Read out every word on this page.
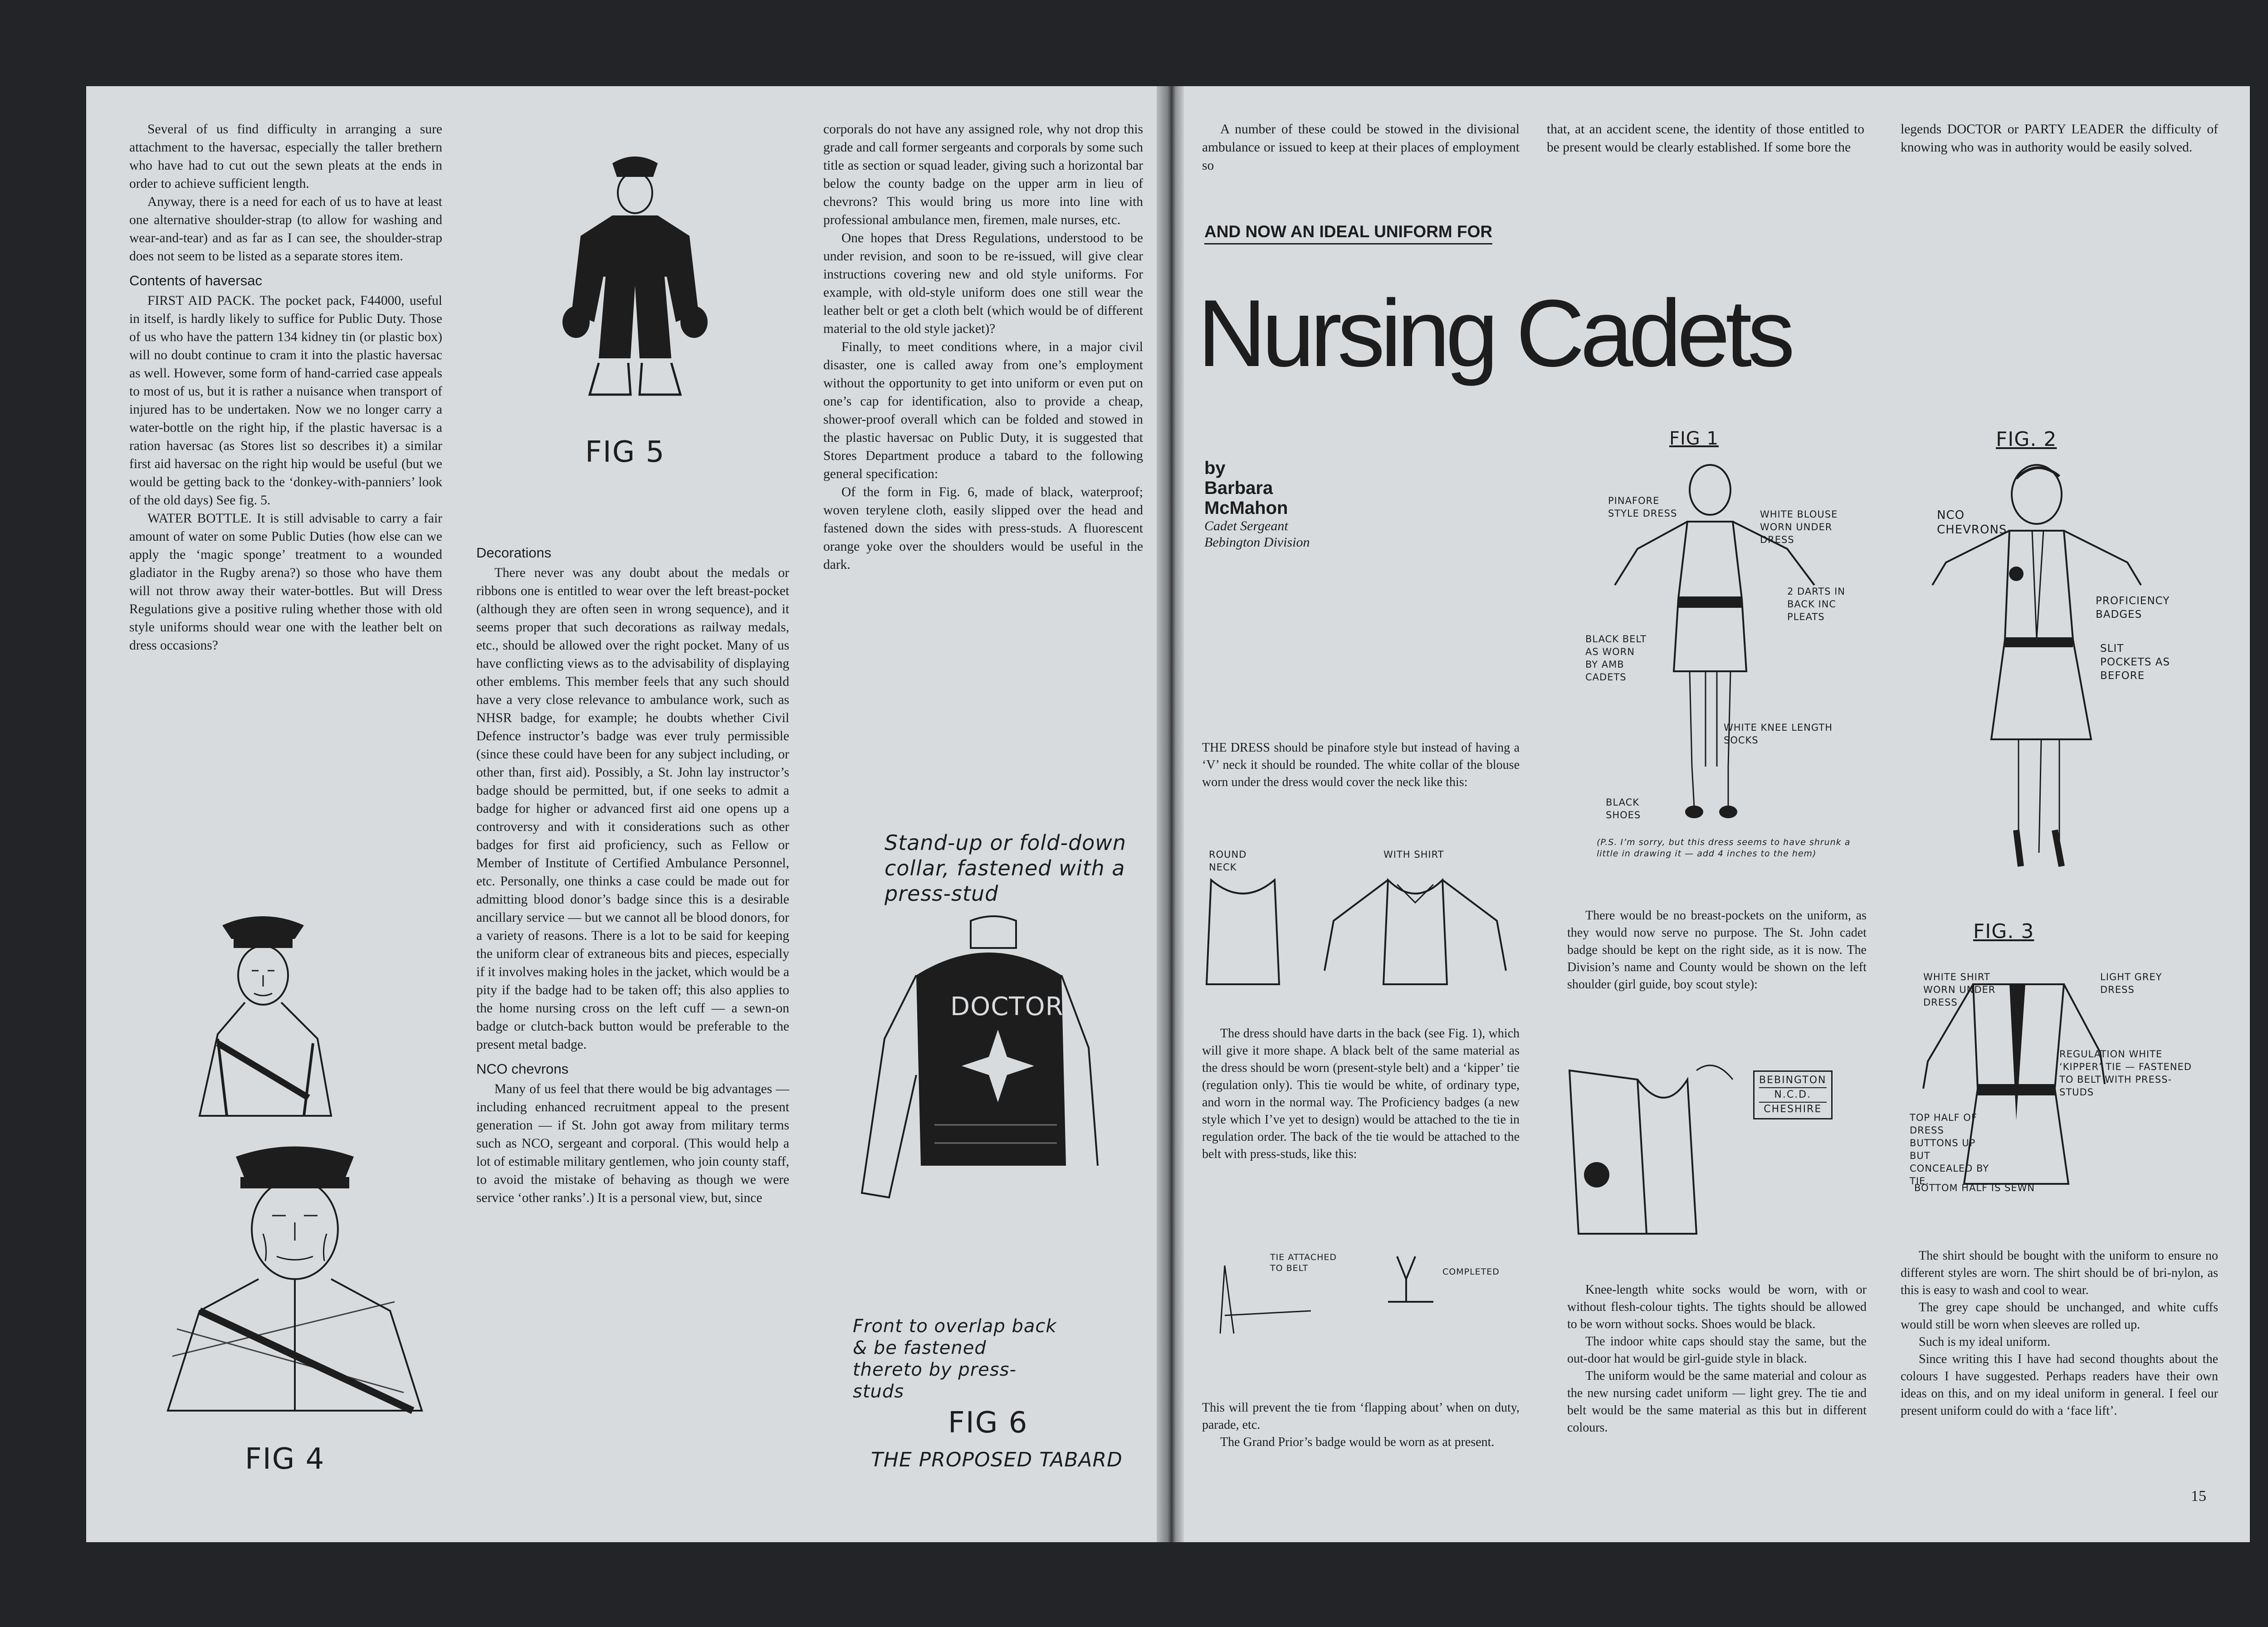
Several of us find difficulty in arranging a sure attachment to the haversac, especially the taller brethern who have had to cut out the sewn pleats at the ends in order to achieve sufficient length.

Anyway, there is a need for each of us to have at least one alternative shoulder-strap (to allow for washing and wear-and-tear) and as far as I can see, the shoulder-strap does not seem to be listed as a separate stores item.

Contents of haversac

FIRST AID PACK. The pocket pack, F44000, useful in itself, is hardly likely to suffice for Public Duty. Those of us who have the pattern 134 kidney tin (or plastic box) will no doubt continue to cram it into the plastic haversac as well. However, some form of hand-carried case appeals to most of us, but it is rather a nuisance when transport of injured has to be undertaken. Now we no longer carry a water-bottle on the right hip, if the plastic haversac is a ration haversac (as Stores list so describes it) a similar first aid haversac on the right hip would be useful (but we would be getting back to the ‘donkey-with-panniers’ look of the old days) See fig. 5.

WATER BOTTLE. It is still advisable to carry a fair amount of water on some Public Duties (how else can we apply the ‘magic sponge’ treatment to a wounded gladiator in the Rugby arena?) so those who have them will not throw away their water-bottles. But will Dress Regulations give a positive ruling whether those with old style uniforms should wear one with the leather belt on dress occasions?

FIG 4
FIG 5
Decorations

There never was any doubt about the medals or ribbons one is entitled to wear over the left breast-pocket (although they are often seen in wrong sequence), and it seems proper that such decorations as railway medals, etc., should be allowed over the right pocket. Many of us have conflicting views as to the advisability of displaying other emblems. This member feels that any such should have a very close relevance to ambulance work, such as NHSR badge, for example; he doubts whether Civil Defence instructor’s badge was ever truly permissible (since these could have been for any subject including, or other than, first aid). Possibly, a St. John lay instructor’s badge should be permitted, but, if one seeks to admit a badge for higher or advanced first aid one opens up a controversy and with it considerations such as other badges for first aid proficiency, such as Fellow or Member of Institute of Certified Ambulance Personnel, etc. Personally, one thinks a case could be made out for admitting blood donor’s badge since this is a desirable ancillary service — but we cannot all be blood donors, for a variety of reasons. There is a lot to be said for keeping the uniform clear of extraneous bits and pieces, especially if it involves making holes in the jacket, which would be a pity if the badge had to be taken off; this also applies to the home nursing cross on the left cuff — a sewn-on badge or clutch-back button would be preferable to the present metal badge.

NCO chevrons

Many of us feel that there would be big advantages — including enhanced recruitment appeal to the present generation — if St. John got away from military terms such as NCO, sergeant and corporal. (This would help a lot of estimable military gentlemen, who join county staff, to avoid the mistake of behaving as though we were service ‘other ranks’.) It is a personal view, but, since

corporals do not have any assigned role, why not drop this grade and call former sergeants and corporals by some such title as section or squad leader, giving such a horizontal bar below the county badge on the upper arm in lieu of chevrons? This would bring us more into line with professional ambulance men, firemen, male nurses, etc.

One hopes that Dress Regulations, understood to be under revision, and soon to be re-issued, will give clear instructions covering new and old style uniforms. For example, with old-style uniform does one still wear the leather belt or get a cloth belt (which would be of different material to the old style jacket)?

Finally, to meet conditions where, in a major civil disaster, one is called away from one’s employment without the opportunity to get into uniform or even put on one’s cap for identification, also to provide a cheap, shower-proof overall which can be folded and stowed in the plastic haversac on Public Duty, it is suggested that Stores Department produce a tabard to the following general specification:

Of the form in Fig. 6, made of black, waterproof; woven terylene cloth, easily slipped over the head and fastened down the sides with press-studs. A fluorescent orange yoke over the shoulders would be useful in the dark.

Stand-up or fold-down collar, fastened with a press-stud
DOCTOR
Front to overlap back & be fastened thereto by press-studs
FIG 6
THE PROPOSED TABARD

A number of these could be stowed in the divisional ambulance or issued to keep at their places of employment so

that, at an accident scene, the identity of those entitled to be present would be clearly established. If some bore the

legends DOCTOR or PARTY LEADER the difficulty of knowing who was in authority would be easily solved.

AND NOW AN IDEAL UNIFORM FOR
Nursing Cadets
by
Barbara
McMahon
Cadet Sergeant
Bebington Division
FIG 1
PINAFORE STYLE DRESS	WHITE BLOUSE WORN UNDER DRESS
2 DARTS IN BACK INC PLEATS
BLACK BELT AS WORN BY AMB CADETS
WHITE KNEE LENGTH SOCKS
BLACK SHOES
(P.S. I’m sorry, but this dress seems to have shrunk a little in drawing it — add 4 inches to the hem)
FIG. 2
NCO CHEVRONS
PROFICIENCY BADGES
SLIT POCKETS AS BEFORE
FIG. 3
WHITE SHIRT WORN UNDER DRESS
LIGHT GREY DRESS
REGULATION WHITE ‘KIPPER’ TIE — FASTENED TO BELT WITH PRESS-STUDS
TOP HALF OF DRESS BUTTONS UP BUT CONCEALED BY TIE.
BOTTOM HALF IS SEWN

THE DRESS should be pinafore style but instead of having a ‘V’ neck it should be rounded. The white collar of the blouse worn under the dress would cover the neck like this:

ROUND NECK
WITH SHIRT

The dress should have darts in the back (see Fig. 1), which will give it more shape. A black belt of the same material as the dress should be worn (present-style belt) and a ‘kipper’ tie (regulation only). This tie would be white, of ordinary type, and worn in the normal way. The Proficiency badges (a new style which I’ve yet to design) would be attached to the tie in regulation order. The back of the tie would be attached to the belt with press-studs, like this:

TIE ATTACHED TO BELT	COMPLETED

This will prevent the tie from ‘flapping about’ when on duty, parade, etc.

The Grand Prior’s badge would be worn as at present.

There would be no breast-pockets on the uniform, as they would now serve no purpose. The St. John cadet badge should be kept on the right side, as it is now. The Division’s name and County would be shown on the left shoulder (girl guide, boy scout style):

BEBINGTON
N.C.D.
CHESHIRE

Knee-length white socks would be worn, with or without flesh-colour tights. The tights should be allowed to be worn without socks. Shoes would be black.

The indoor white caps should stay the same, but the out-door hat would be girl-guide style in black.

The uniform would be the same material and colour as the new nursing cadet uniform — light grey. The tie and belt would be the same material as this but in different colours.

The shirt should be bought with the uniform to ensure no different styles are worn. The shirt should be of bri-nylon, as this is easy to wash and cool to wear.

The grey cape should be unchanged, and white cuffs would still be worn when sleeves are rolled up.

Such is my ideal uniform.

Since writing this I have had second thoughts about the colours I have suggested. Perhaps readers have their own ideas on this, and on my ideal uniform in general. I feel our present uniform could do with a ‘face lift’.

15
